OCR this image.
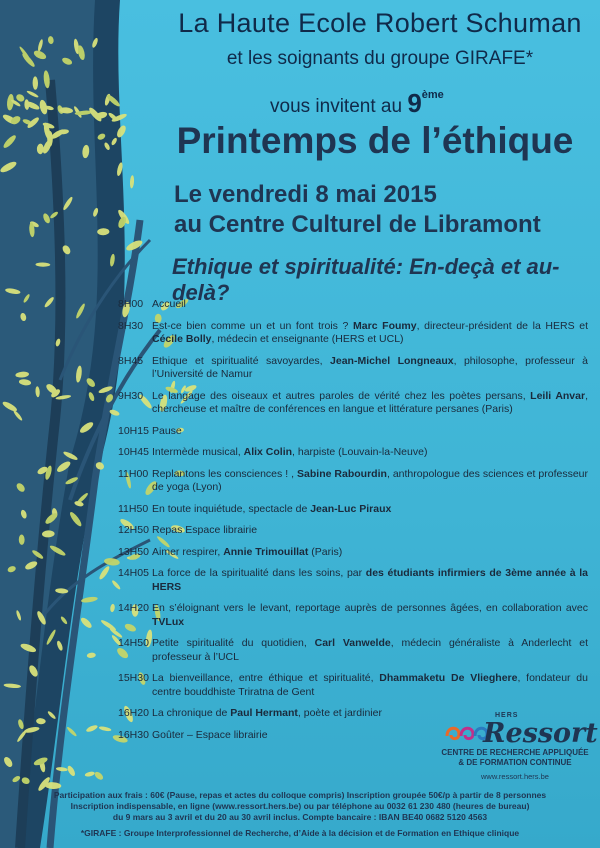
La Haute Ecole Robert Schuman
et les soignants du groupe GIRAFE*
vous invitent au 9ème
Printemps de l’éthique
Le vendredi 8 mai 2015
au Centre Culturel de Libramont
Ethique et spiritualité: En-deçà et au-delà?
8H00 Accueil
8H30 Est-ce bien comme un et un font trois ? Marc Foumy, directeur-président de la HERS et Cécile Bolly, médecin et enseignante (HERS et UCL)
8H45 Ethique et spiritualité savoyardes, Jean-Michel Longneaux, philosophe, professeur à l’Université de Namur
9H30 Le langage des oiseaux et autres paroles de vérité chez les poètes persans, Leili Anvar, chercheuse et maître de conférences en langue et littérature persanes (Paris)
10H15 Pause
10H45 Intermède musical, Alix Colin, harpiste (Louvain-la-Neuve)
11H00 Replantons les consciences ! , Sabine Rabourdin, anthropologue des sciences et professeur de yoga (Lyon)
11H50 En toute inquiétude, spectacle de Jean-Luc Piraux
12H50 Repas Espace librairie
13H50 Aimer respirer, Annie Trimouillat (Paris)
14H05 La force de la spiritualité dans les soins, par des étudiants infirmiers de 3ème année à la HERS
14H20 En s’éloignant vers le levant, reportage auprès de personnes âgées, en collaboration avec TVLux
14H50 Petite spiritualité du quotidien, Carl Vanwelde, médecin généraliste à Anderlecht et professeur à l’UCL
15H30 La bienveillance, entre éthique et spiritualité, Dhammaketu De Vlieghere, fondateur du centre bouddhiste Triratna de Gent
16H20 La chronique de Paul Hermant, poète et jardinier
16H30 Goûter – Espace librairie
HERS
Ressort
CENTRE DE RECHERCHE APPLIQUÉE
& DE FORMATION CONTINUE
www.ressort.hers.be
Participation aux frais : 60€ (Pause, repas et actes du colloque compris) Inscription groupée 50€/p à partir de 8 personnes
Inscription indispensable, en ligne (www.ressort.hers.be) ou par téléphone au 0032 61 230 480 (heures de bureau)
du 9 mars au 3 avril et du 20 au 30 avril inclus. Compte bancaire : IBAN BE40 0682 5120 4563
*GIRAFE : Groupe Interprofessionnel de Recherche, d’Aide à la décision et de Formation en Ethique clinique
